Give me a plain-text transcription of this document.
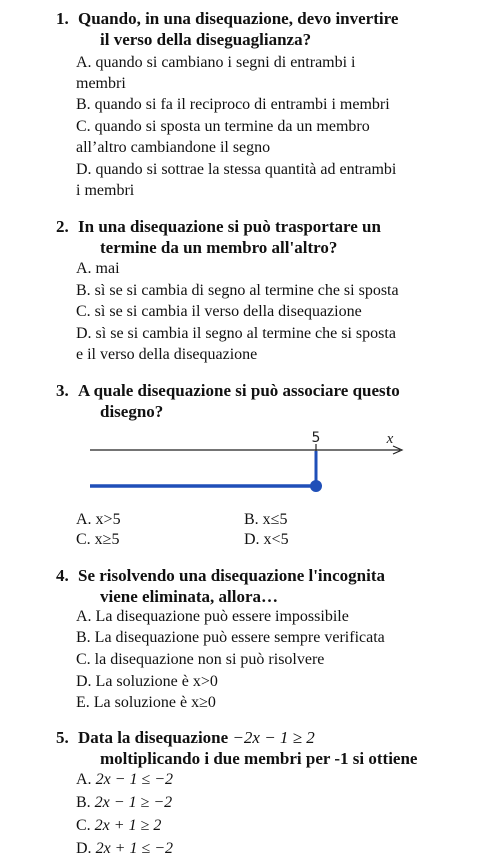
1. Quando, in una disequazione, devo invertire
il verso della diseguaglianza?
A. quando si cambiano i segni di entrambi i
membri
B. quando si fa il reciproco di entrambi i membri
C. quando si sposta un termine da un membro
all’altro cambiandone il segno
D. quando si sottrae la stessa quantità ad entrambi
i membri
2. In una disequazione si può trasportare un
termine da un membro all'altro?
A. mai
B. sì se si cambia di segno al termine che si sposta
C. sì se si cambia il verso della disequazione
D. sì se si cambia il segno al termine che si sposta
e il verso della disequazione
3. A quale disequazione si può associare questo
disegno?
5	x
A. x>5	B. x≤5
C. x≥5	D. x<5
4. Se risolvendo una disequazione l'incognita
viene eliminata, allora…
A. La disequazione può essere impossibile
B. La disequazione può essere sempre verificata
C. la disequazione non si può risolvere
D. La soluzione è x>0
E. La soluzione è x≥0
5. Data la disequazione −2x − 1 ≥ 2
moltiplicando i due membri per -1 si ottiene
A. 2x − 1 ≤ −2
B. 2x − 1 ≥ −2
C. 2x + 1 ≥ 2
D. 2x + 1 ≤ −2
